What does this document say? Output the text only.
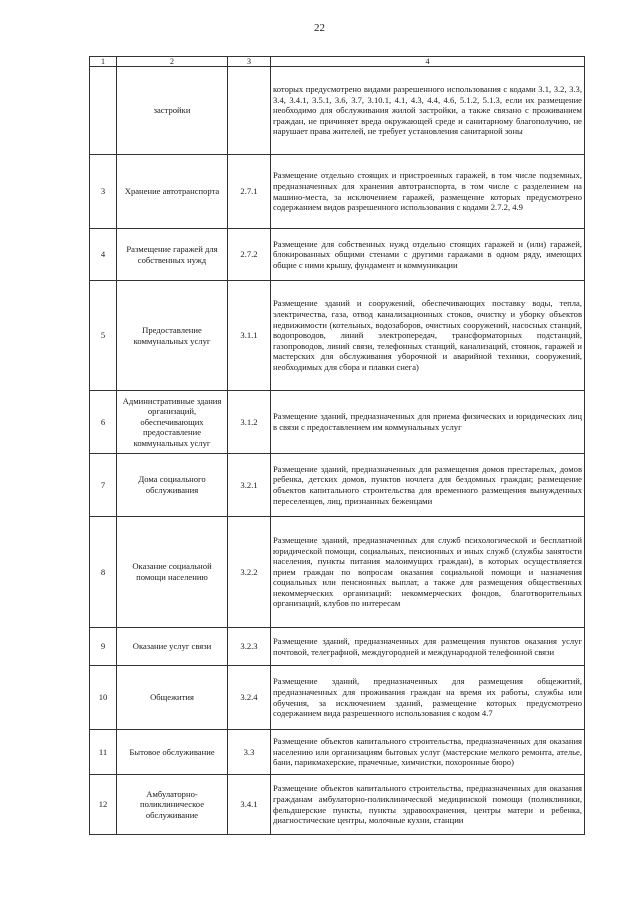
22
1	2	3	4
	застройки		которых предусмотрено видами разрешенного использования с кодами 3.1, 3.2, 3.3, 3.4, 3.4.1, 3.5.1, 3.6, 3.7, 3.10.1, 4.1, 4.3, 4.4, 4.6, 5.1.2, 5.1.3, если их размещение необходимо для обслуживания жилой застройки, а также связано с проживанием граждан, не причиняет вреда окружающей среде и санитарному благополучию, не нарушает права жителей, не требует установления санитарной зоны
3	Хранение автотранспорта	2.7.1	Размещение отдельно стоящих и пристроенных гаражей, в том числе подземных, предназначенных для хранения автотранспорта, в том числе с разделением на машино-места, за исключением гаражей, размещение которых предусмотрено содержанием видов разрешенного использования с кодами 2.7.2, 4.9
4	Размещение гаражей для собственных нужд	2.7.2	Размещение для собственных нужд отдельно стоящих гаражей и (или) гаражей, блокированных общими стенами с другими гаражами в одном ряду, имеющих общие с ними крышу, фундамент и коммуникации
5	Предоставление коммунальных услуг	3.1.1	Размещение зданий и сооружений, обеспечивающих поставку воды, тепла, электричества, газа, отвод канализационных стоков, очистку и уборку объектов недвижимости (котельных, водозаборов, очистных сооружений, насосных станций, водопроводов, линий электропередач, трансформаторных подстанций, газопроводов, линий связи, телефонных станций, канализаций, стоянок, гаражей и мастерских для обслуживания уборочной и аварийной техники, сооружений, необходимых для сбора и плавки снега)
6	Административные здания организаций, обеспечивающих предоставление коммунальных услуг	3.1.2	Размещение зданий, предназначенных для приема физических и юридических лиц в связи с предоставлением им коммунальных услуг
7	Дома социального обслуживания	3.2.1	Размещение зданий, предназначенных для размещения домов престарелых, домов ребенка, детских домов, пунктов ночлега для бездомных граждан; размещение объектов капитального строительства для временного размещения вынужденных переселенцев, лиц, признанных беженцами
8	Оказание социальной помощи населению	3.2.2	Размещение зданий, предназначенных для служб психологической и бесплатной юридической помощи, социальных, пенсионных и иных служб (службы занятости населения, пункты питания малоимущих граждан), в которых осуществляется прием граждан по вопросам оказания социальной помощи и назначения социальных или пенсионных выплат, а также для размещения общественных некоммерческих организаций: некоммерческих фондов, благотворительных организаций, клубов по интересам
9	Оказание услуг связи	3.2.3	Размещение зданий, предназначенных для размещения пунктов оказания услуг почтовой, телеграфной, междугородней и международной телефонной связи
10	Общежития	3.2.4	Размещение зданий, предназначенных для размещения общежитий, предназначенных для проживания граждан на время их работы, службы или обучения, за исключением зданий, размещение которых предусмотрено содержанием вида разрешенного использования с кодом 4.7
11	Бытовое обслуживание	3.3	Размещение объектов капитального строительства, предназначенных для оказания населению или организациям бытовых услуг (мастерские мелкого ремонта, ателье, бани, парикмахерские, прачечные, химчистки, похоронные бюро)
12	Амбулаторно-поликлиническое обслуживание	3.4.1	Размещение объектов капитального строительства, предназначенных для оказания гражданам амбулаторно-поликлинической медицинской помощи (поликлиники, фельдшерские пункты, пункты здравоохранения, центры матери и ребенка, диагностические центры, молочные кухни, станции
